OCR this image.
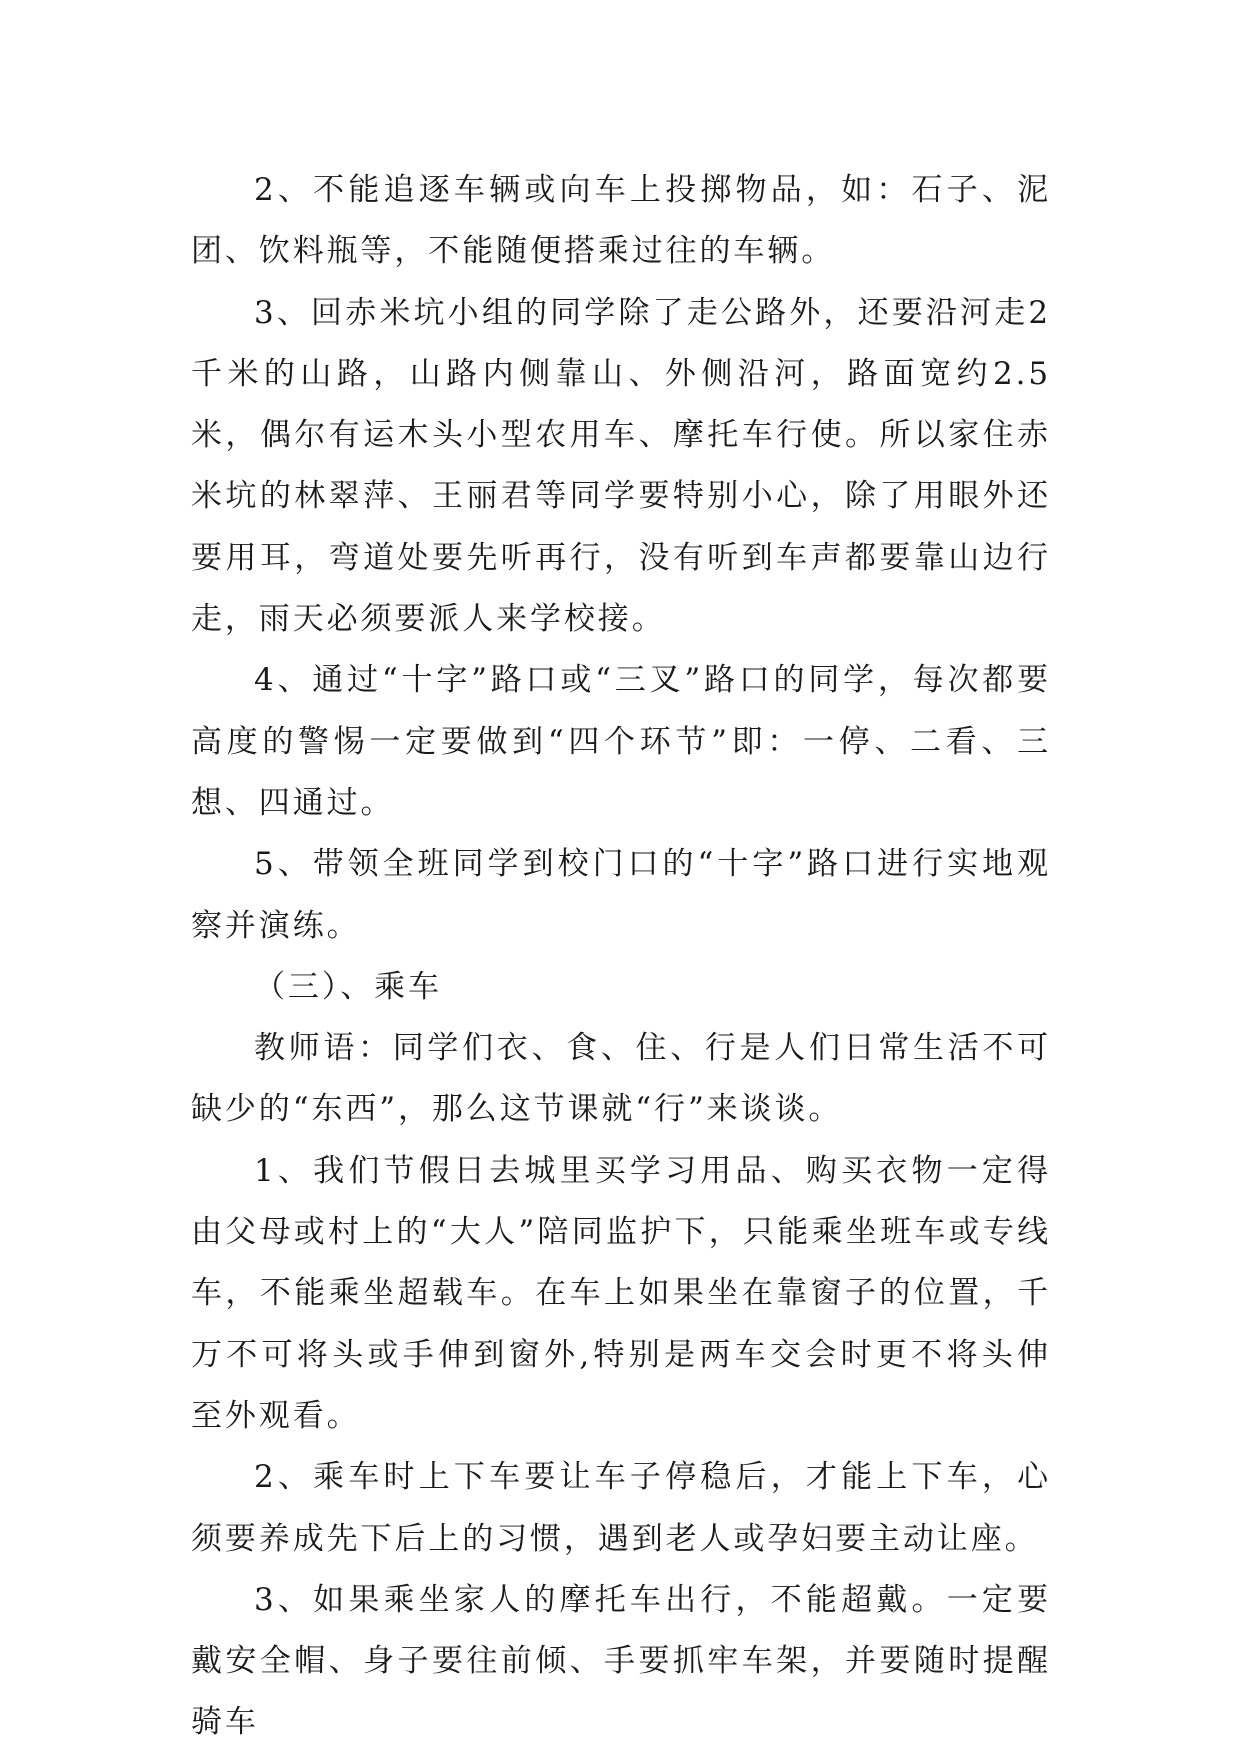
2、不能追逐车辆或向车上投掷物品，如：石子、泥团、饮料瓶等，不能随便搭乘过往的车辆。

3、回赤米坑小组的同学除了走公路外，还要沿河走2千米的山路，山路内侧靠山、外侧沿河，路面宽约2.5米，偶尔有运木头小型农用车、摩托车行使。所以家住赤米坑的林翠萍、王丽君等同学要特别小心，除了用眼外还要用耳，弯道处要先听再行，没有听到车声都要靠山边行走，雨天必须要派人来学校接。

4、通过“十字”路口或“三叉”路口的同学，每次都要高度的警惕一定要做到“四个环节”即：一停、二看、三想、四通过。

5、带领全班同学到校门口的“十字”路口进行实地观察并演练。

（三）、乘车

教师语：同学们衣、食、住、行是人们日常生活不可缺少的“东西”，那么这节课就“行”来谈谈。

1、我们节假日去城里买学习用品、购买衣物一定得由父母或村上的“大人”陪同监护下，只能乘坐班车或专线车，不能乘坐超载车。在车上如果坐在靠窗子的位置，千万不可将头或手伸到窗外,特别是两车交会时更不将头伸至外观看。

2、乘车时上下车要让车子停稳后，才能上下车，心须要养成先下后上的习惯，遇到老人或孕妇要主动让座。

3、如果乘坐家人的摩托车出行，不能超戴。一定要戴安全帽、身子要往前倾、手要抓牢车架，并要随时提醒骑车
